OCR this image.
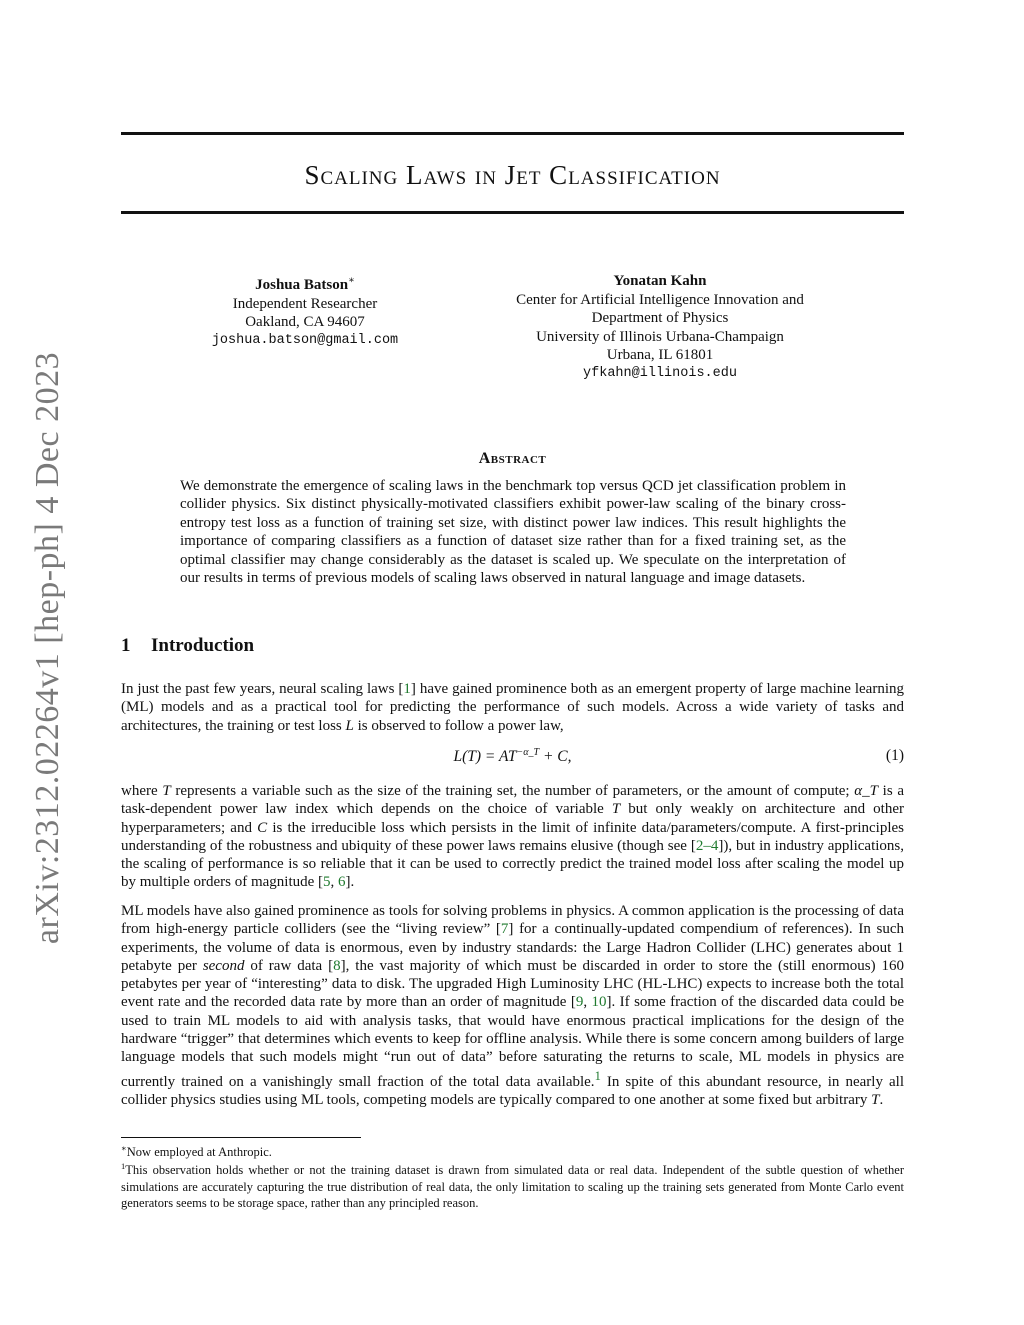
arXiv:2312.02264v1 [hep-ph] 4 Dec 2023
Scaling Laws in Jet Classification
Joshua Batson∗
Independent Researcher
Oakland, CA 94607
joshua.batson@gmail.com
Yonatan Kahn
Center for Artificial Intelligence Innovation and
Department of Physics
University of Illinois Urbana-Champaign
Urbana, IL 61801
yfkahn@illinois.edu
Abstract
We demonstrate the emergence of scaling laws in the benchmark top versus QCD jet classification problem in collider physics. Six distinct physically-motivated classifiers exhibit power-law scaling of the binary cross-entropy test loss as a function of training set size, with distinct power law indices. This result highlights the importance of comparing classifiers as a function of dataset size rather than for a fixed training set, as the optimal classifier may change considerably as the dataset is scaled up. We speculate on the interpretation of our results in terms of previous models of scaling laws observed in natural language and image datasets.
1 Introduction
In just the past few years, neural scaling laws [1] have gained prominence both as an emergent property of large machine learning (ML) models and as a practical tool for predicting the performance of such models. Across a wide variety of tasks and architectures, the training or test loss L is observed to follow a power law,
$L(T) = AT^{-\alpha\_T} + C$,	(1)
where T represents a variable such as the size of the training set, the number of parameters, or the amount of compute; α_T is a task-dependent power law index which depends on the choice of variable T but only weakly on architecture and other hyperparameters; and C is the irreducible loss which persists in the limit of infinite data/parameters/compute. A first-principles understanding of the robustness and ubiquity of these power laws remains elusive (though see [2–4]), but in industry applications, the scaling of performance is so reliable that it can be used to correctly predict the trained model loss after scaling the model up by multiple orders of magnitude [5, 6].
ML models have also gained prominence as tools for solving problems in physics. A common application is the processing of data from high-energy particle colliders (see the “living review” [7] for a continually-updated compendium of references). In such experiments, the volume of data is enormous, even by industry standards: the Large Hadron Collider (LHC) generates about 1 petabyte per second of raw data [8], the vast majority of which must be discarded in order to store the (still enormous) 160 petabytes per year of “interesting” data to disk. The upgraded High Luminosity LHC (HL-LHC) expects to increase both the total event rate and the recorded data rate by more than an order of magnitude [9, 10]. If some fraction of the discarded data could be used to train ML models to aid with analysis tasks, that would have enormous practical implications for the design of the hardware “trigger” that determines which events to keep for offline analysis. While there is some concern among builders of large language models that such models might “run out of data” before saturating the returns to scale, ML models in physics are currently trained on a vanishingly small fraction of the total data available.$^1$ In spite of this abundant resource, in nearly all collider physics studies using ML tools, competing models are typically compared to one another at some fixed but arbitrary T.
∗Now employed at Anthropic.
$^1$This observation holds whether or not the training dataset is drawn from simulated data or real data. Independent of the subtle question of whether simulations are accurately capturing the true distribution of real data, the only limitation to scaling up the training sets generated from Monte Carlo event generators seems to be storage space, rather than any principled reason.
